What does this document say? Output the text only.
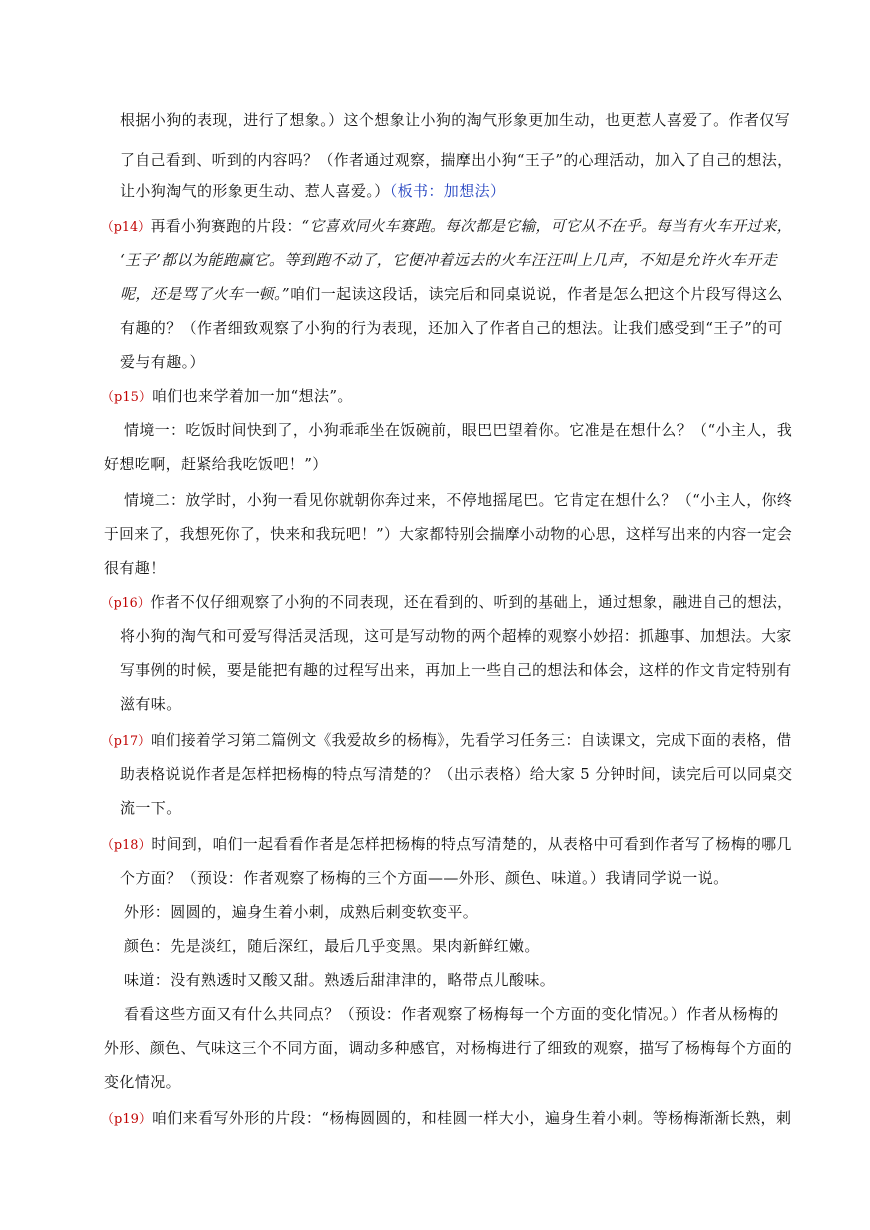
根据小狗的表现，进行了想象。）这个想象让小狗的淘气形象更加生动，也更惹人喜爱了。作者仅写
了自己看到、听到的内容吗？（作者通过观察，揣摩出小狗“王子”的心理活动，加入了自己的想法，
让小狗淘气的形象更生动、惹人喜爱。）（板书：加想法）
（p14）再看小狗赛跑的片段：“它喜欢同火车赛跑。每次都是它输，可它从不在乎。每当有火车开过来，
‘王子’都以为能跑赢它。等到跑不动了，它便冲着远去的火车汪汪叫上几声，不知是允许火车开走
呢，还是骂了火车一顿。”咱们一起读这段话，读完后和同桌说说，作者是怎么把这个片段写得这么
有趣的？（作者细致观察了小狗的行为表现，还加入了作者自己的想法。让我们感受到“王子”的可
爱与有趣。）
（p15）咱们也来学着加一加“想法”。
情境一：吃饭时间快到了，小狗乖乖坐在饭碗前，眼巴巴望着你。它准是在想什么？（“小主人，我
好想吃啊，赶紧给我吃饭吧！”）
情境二：放学时，小狗一看见你就朝你奔过来，不停地摇尾巴。它肯定在想什么？（“小主人，你终
于回来了，我想死你了，快来和我玩吧！”）大家都特别会揣摩小动物的心思，这样写出来的内容一定会
很有趣！
（p16）作者不仅仔细观察了小狗的不同表现，还在看到的、听到的基础上，通过想象，融进自己的想法，
将小狗的淘气和可爱写得活灵活现，这可是写动物的两个超棒的观察小妙招：抓趣事、加想法。大家
写事例的时候，要是能把有趣的过程写出来，再加上一些自己的想法和体会，这样的作文肯定特别有
滋有味。
（p17）咱们接着学习第二篇例文《我爱故乡的杨梅》，先看学习任务三：自读课文，完成下面的表格，借
助表格说说作者是怎样把杨梅的特点写清楚的？（出示表格）给大家 5 分钟时间，读完后可以同桌交
流一下。
（p18）时间到，咱们一起看看作者是怎样把杨梅的特点写清楚的，从表格中可看到作者写了杨梅的哪几
个方面？（预设：作者观察了杨梅的三个方面——外形、颜色、味道。）我请同学说一说。
外形：圆圆的，遍身生着小刺，成熟后刺变软变平。
颜色：先是淡红，随后深红，最后几乎变黑。果肉新鲜红嫩。
味道：没有熟透时又酸又甜。熟透后甜津津的，略带点儿酸味。
看看这些方面又有什么共同点？（预设：作者观察了杨梅每一个方面的变化情况。）作者从杨梅的
外形、颜色、气味这三个不同方面，调动多种感官，对杨梅进行了细致的观察，描写了杨梅每个方面的
变化情况。
（p19）咱们来看写外形的片段：“杨梅圆圆的，和桂圆一样大小，遍身生着小刺。等杨梅渐渐长熟，刺
